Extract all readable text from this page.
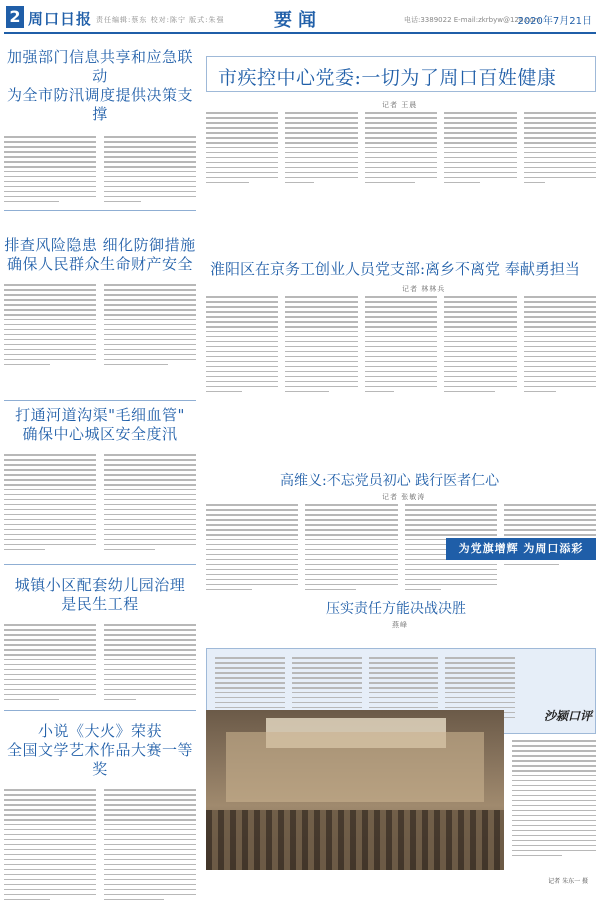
2 周口日报 责任编辑:蔡东 校对:陈宁 版式:朱强	要闻	电话:3389022 E-mail:zkrbyw@126.com
2020年7月21日
加强部门信息共享和应急联动
为全市防汛调度提供决策支撑
排查风险隐患 细化防御措施
确保人民群众生命财产安全
打通河道沟渠"毛细血管"
确保中心城区安全度汛
城镇小区配套幼儿园治理
是民生工程
小说《大火》荣获
全国文学艺术作品大赛一等奖
市疾控中心党委:一切为了周口百姓健康
记者 王晨
淮阳区在京务工创业人员党支部:离乡不离党 奉献勇担当
记者 林林兵
高维义:不忘党员初心 践行医者仁心
记者 张敏涛
为党旗增辉 为周口添彩
压实责任方能决战决胜
燕峰
沙颍口评
记者 朱东一 摄
